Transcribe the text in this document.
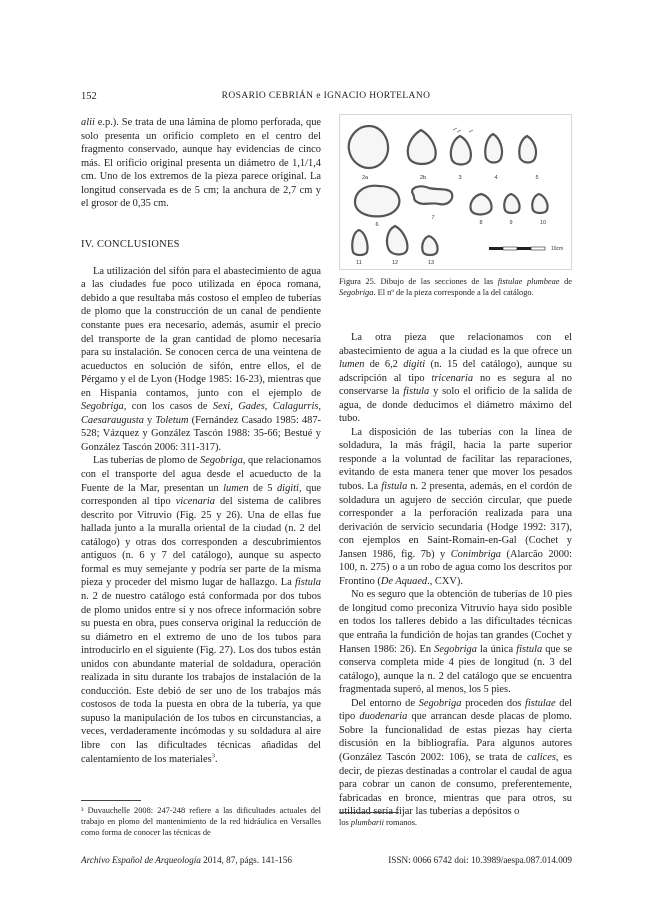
152	ROSARIO CEBRIÁN e IGNACIO HORTELANO

alii e.p.). Se trata de una lámina de plomo perforada, que solo presenta un orificio completo en el centro del fragmento conservado, aunque hay evidencias de cinco más. El orificio original presenta un diámetro de 1,1/1,4 cm. Uno de los extremos de la pieza parece original. La longitud conservada es de 5 cm; la anchura de 2,7 cm y el grosor de 0,35 cm.

IV. CONCLUSIONES

La utilización del sifón para el abastecimiento de agua a las ciudades fue poco utilizada en época romana, debido a que resultaba más costoso el empleo de tuberías de plomo que la construcción de un canal de pendiente constante pues era necesario, además, asumir el precio del transporte de la gran cantidad de plomo necesaria para su instalación. Se conocen cerca de una veintena de acueductos en solución de sifón, entre ellos, el de Pérgamo y el de Lyon (Hodge 1985: 16-23), mientras que en Hispania contamos, junto con el ejemplo de Segobriga, con los casos de Sexi, Gades, Calagurris, Caesaraugusta y Toletum (Fernández Casado 1985: 487-528; Vázquez y González Tascón 1988: 35-66; Bestué y González Tascón 2006: 311-317).

Las tuberías de plomo de Segobriga, que relacionamos con el transporte del agua desde el acueducto de la Fuente de la Mar, presentan un lumen de 5 digiti, que corresponden al tipo vicenaria del sistema de calibres descrito por Vitruvio (Fig. 25 y 26). Una de ellas fue hallada junto a la muralla oriental de la ciudad (n. 2 del catálogo) y otras dos corresponden a descubrimientos antiguos (n. 6 y 7 del catálogo), aunque su aspecto formal es muy semejante y podría ser parte de la misma pieza y proceder del mismo lugar de hallazgo. La fistula n. 2 de nuestro catálogo está conformada por dos tubos de plomo unidos entre sí y nos ofrece información sobre su puesta en obra, pues conserva original la reducción de su diámetro en el extremo de uno de los tubos para introducirlo en el siguiente (Fig. 27). Los dos tubos están unidos con abundante material de soldadura, operación realizada in situ durante los trabajos de instalación de la conducción. Este debió de ser uno de los trabajos más costosos de toda la puesta en obra de la tubería, ya que supuso la manipulación de los tubos en circunstancias, a veces, verdaderamente incómodas y su soldadura al aire libre con las dificultades técnicas añadidas del calentamiento de los materiales$^3$.

2a	2b	3	4	5
6
7
8	9	10
11	12	13
10cm
Figura 25. Dibujo de las secciones de las fistulae plumbeae de Segobriga. El nº de la pieza corresponde a la del catálogo.

La otra pieza que relacionamos con el abastecimiento de agua a la ciudad es la que ofrece un lumen de 6,2 digiti (n. 15 del catálogo), aunque su adscripción al tipo tricenaria no es segura al no conservarse la fistula y solo el orificio de la salida de agua, de donde deducimos el diámetro máximo del tubo.

La disposición de las tuberías con la línea de soldadura, la más frágil, hacia la parte superior responde a la voluntad de facilitar las reparaciones, evitando de esta manera tener que mover los pesados tubos. La fistula n. 2 presenta, además, en el cordón de soldadura un agujero de sección circular, que puede corresponder a la perforación realizada para una derivación de servicio secundaria (Hodge 1992: 317), con ejemplos en Saint-Romain-en-Gal (Cochet y Jansen 1986, fig. 7b) y Conimbriga (Alarcão 2000: 100, n. 275) o a un robo de agua como los descritos por Frontino (De Aquaed., CXV).

No es seguro que la obtención de tuberías de 10 pies de longitud como preconiza Vitruvio haya sido posible en todos los talleres debido a las dificultades técnicas que entraña la fundición de hojas tan grandes (Cochet y Hansen 1986: 26). En Segobriga la única fistula que se conserva completa mide 4 pies de longitud (n. 3 del catálogo), aunque la n. 2 del catálogo que se encuentra fragmentada superó, al menos, los 5 pies.

Del entorno de Segobriga proceden dos fistulae del tipo duodenaria que arrancan desde placas de plomo. Sobre la funcionalidad de estas piezas hay cierta discusión en la bibliografía. Para algunos autores (González Tascón 2002: 106), se trata de calices, es decir, de piezas destinadas a controlar el caudal de agua para cobrar un canon de consumo, preferentemente, fabricadas en bronce, mientras que para otros, su utilidad sería fijar las tuberías a depósitos o

³ Duvauchelle 2008: 247-248 refiere a las dificultades actuales del trabajo en plomo del mantenimiento de la red hidráulica en Versalles como forma de conocer las técnicas de
los plumbarii romanos.
Archivo Español de Arqueología 2014, 87, págs. 141-156	ISSN: 0066 6742 doi: 10.3989/aespa.087.014.009
